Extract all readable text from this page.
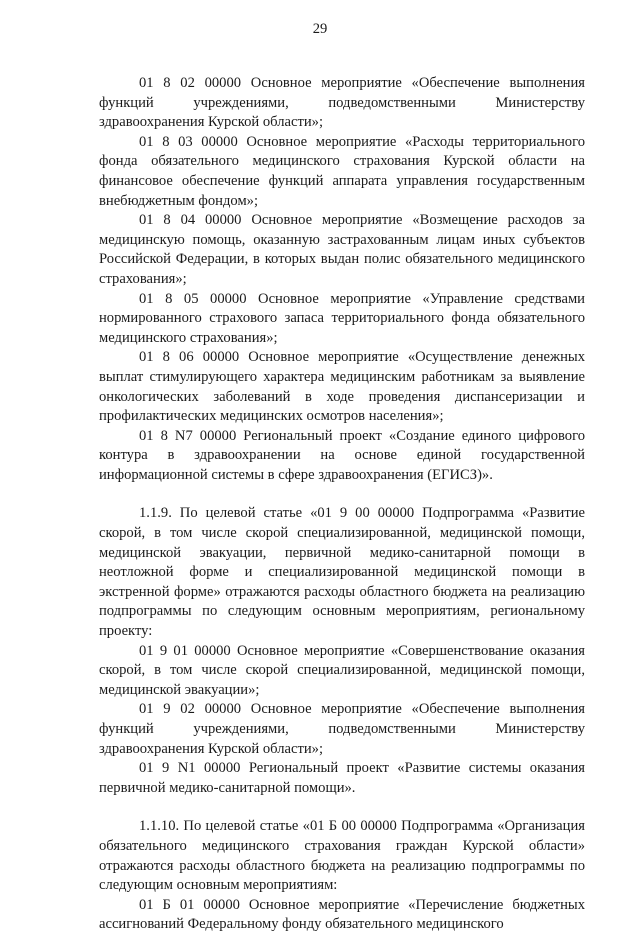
29

01 8 02 00000 Основное мероприятие «Обеспечение выполнения функций учреждениями, подведомственными Министерству здравоохранения Курской области»;

01 8 03 00000 Основное мероприятие «Расходы территориального фонда обязательного медицинского страхования Курской области на финансовое обеспечение функций аппарата управления государственным внебюджетным фондом»;

01 8 04 00000 Основное мероприятие «Возмещение расходов за медицинскую помощь, оказанную застрахованным лицам иных субъектов Российской Федерации, в которых выдан полис обязательного медицинского страхования»;

01 8 05 00000 Основное мероприятие «Управление средствами нормированного страхового запаса территориального фонда обязательного медицинского страхования»;

01 8 06 00000 Основное мероприятие «Осуществление денежных выплат стимулирующего характера медицинским работникам за выявление онкологических заболеваний в ходе проведения диспансеризации и профилактических медицинских осмотров населения»;

01 8 N7 00000 Региональный проект «Создание единого цифрового контура в здравоохранении на основе единой государственной информационной системы в сфере здравоохранения (ЕГИСЗ)».

1.1.9. По целевой статье «01 9 00 00000 Подпрограмма «Развитие скорой, в том числе скорой специализированной, медицинской помощи, медицинской эвакуации, первичной медико-санитарной помощи в неотложной форме и специализированной медицинской помощи в экстренной форме» отражаются расходы областного бюджета на реализацию подпрограммы по следующим основным мероприятиям, региональному проекту:

01 9 01 00000 Основное мероприятие «Совершенствование оказания скорой, в том числе скорой специализированной, медицинской помощи, медицинской эвакуации»;

01 9 02 00000 Основное мероприятие «Обеспечение выполнения функций учреждениями, подведомственными Министерству здравоохранения Курской области»;

01 9 N1 00000 Региональный проект «Развитие системы оказания первичной медико-санитарной помощи».

1.1.10. По целевой статье «01 Б 00 00000 Подпрограмма «Организация обязательного медицинского страхования граждан Курской области» отражаются расходы областного бюджета на реализацию подпрограммы по следующим основным мероприятиям:

01 Б 01 00000 Основное мероприятие «Перечисление бюджетных ассигнований Федеральному фонду обязательного медицинского
